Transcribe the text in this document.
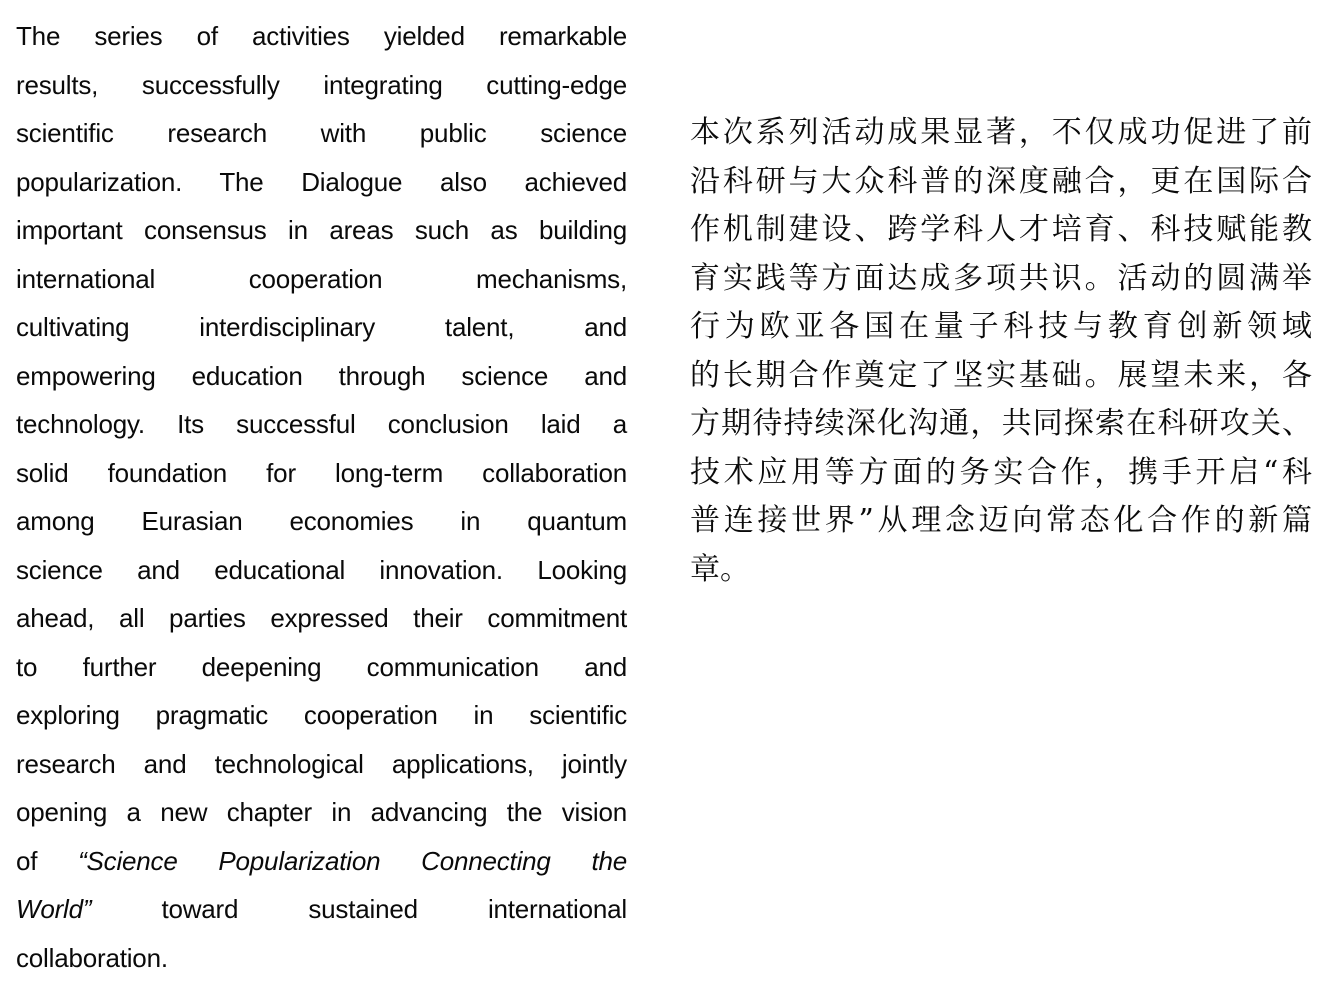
The series of activities yielded remarkable
results, successfully integrating cutting-edge
scientific research with public science
popularization. The Dialogue also achieved
important consensus in areas such as building
international cooperation mechanisms,
cultivating interdisciplinary talent, and
empowering education through science and
technology. Its successful conclusion laid a
solid foundation for long-term collaboration
among Eurasian economies in quantum
science and educational innovation. Looking
ahead, all parties expressed their commitment
to further deepening communication and
exploring pragmatic cooperation in scientific
research and technological applications, jointly
opening a new chapter in advancing the vision
of “Science Popularization Connecting the
World” toward sustained international
collaboration.
本次系列活动成果显著，不仅成功促进了前
沿科研与大众科普的深度融合，更在国际合
作机制建设、跨学科人才培育、科技赋能教
育实践等方面达成多项共识。活动的圆满举
行为欧亚各国在量子科技与教育创新领域
的长期合作奠定了坚实基础。展望未来，各
方期待持续深化沟通，共同探索在科研攻关、
技术应用等方面的务实合作，携手开启“科
普连接世界”从理念迈向常态化合作的新篇
章。
